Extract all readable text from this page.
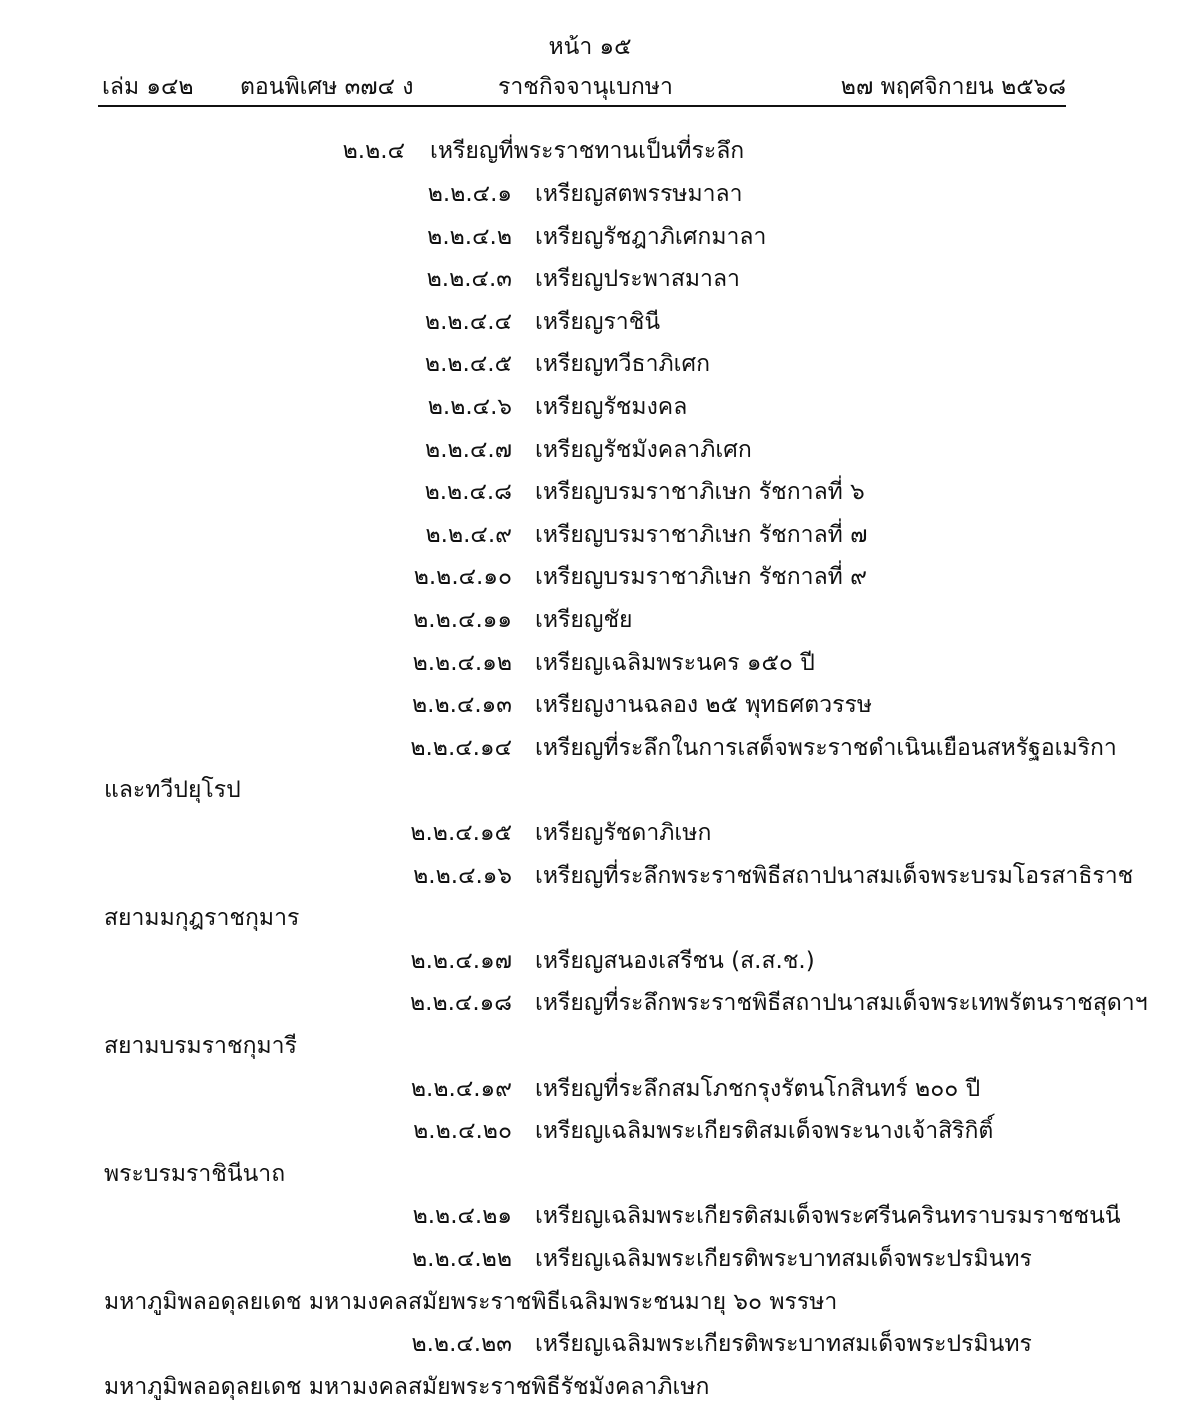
หน้า ๑๕
เล่ม ๑๔๒ ตอนพิเศษ ๓๗๔ ง	ราชกิจจานุเบกษา	๒๗ พฤศจิกายน ๒๕๖๘
๒.๒.๔ เหรียญที่พระราชทานเป็นที่ระลึก
๒.๒.๔.๑ เหรียญสตพรรษมาลา
๒.๒.๔.๒ เหรียญรัชฎาภิเศกมาลา
๒.๒.๔.๓ เหรียญประพาสมาลา
๒.๒.๔.๔ เหรียญราชินี
๒.๒.๔.๕ เหรียญทวีธาภิเศก
๒.๒.๔.๖ เหรียญรัชมงคล
๒.๒.๔.๗ เหรียญรัชมังคลาภิเศก
๒.๒.๔.๘ เหรียญบรมราชาภิเษก รัชกาลที่ ๖
๒.๒.๔.๙ เหรียญบรมราชาภิเษก รัชกาลที่ ๗
๒.๒.๔.๑๐ เหรียญบรมราชาภิเษก รัชกาลที่ ๙
๒.๒.๔.๑๑ เหรียญชัย
๒.๒.๔.๑๒ เหรียญเฉลิมพระนคร ๑๕๐ ปี
๒.๒.๔.๑๓ เหรียญงานฉลอง ๒๕ พุทธศตวรรษ
๒.๒.๔.๑๔ เหรียญที่ระลึกในการเสด็จพระราชดำเนินเยือนสหรัฐอเมริกา
และทวีปยุโรป
๒.๒.๔.๑๕ เหรียญรัชดาภิเษก
๒.๒.๔.๑๖ เหรียญที่ระลึกพระราชพิธีสถาปนาสมเด็จพระบรมโอรสาธิราช
สยามมกุฎราชกุมาร
๒.๒.๔.๑๗ เหรียญสนองเสรีชน (ส.ส.ช.)
๒.๒.๔.๑๘ เหรียญที่ระลึกพระราชพิธีสถาปนาสมเด็จพระเทพรัตนราชสุดาฯ
สยามบรมราชกุมารี
๒.๒.๔.๑๙ เหรียญที่ระลึกสมโภชกรุงรัตนโกสินทร์ ๒๐๐ ปี
๒.๒.๔.๒๐ เหรียญเฉลิมพระเกียรติสมเด็จพระนางเจ้าสิริกิติ์
พระบรมราชินีนาถ
๒.๒.๔.๒๑ เหรียญเฉลิมพระเกียรติสมเด็จพระศรีนครินทราบรมราชชนนี
๒.๒.๔.๒๒ เหรียญเฉลิมพระเกียรติพระบาทสมเด็จพระปรมินทร
มหาภูมิพลอดุลยเดช มหามงคลสมัยพระราชพิธีเฉลิมพระชนมายุ ๖๐ พรรษา
๒.๒.๔.๒๓ เหรียญเฉลิมพระเกียรติพระบาทสมเด็จพระปรมินทร
มหาภูมิพลอดุลยเดช มหามงคลสมัยพระราชพิธีรัชมังคลาภิเษก
